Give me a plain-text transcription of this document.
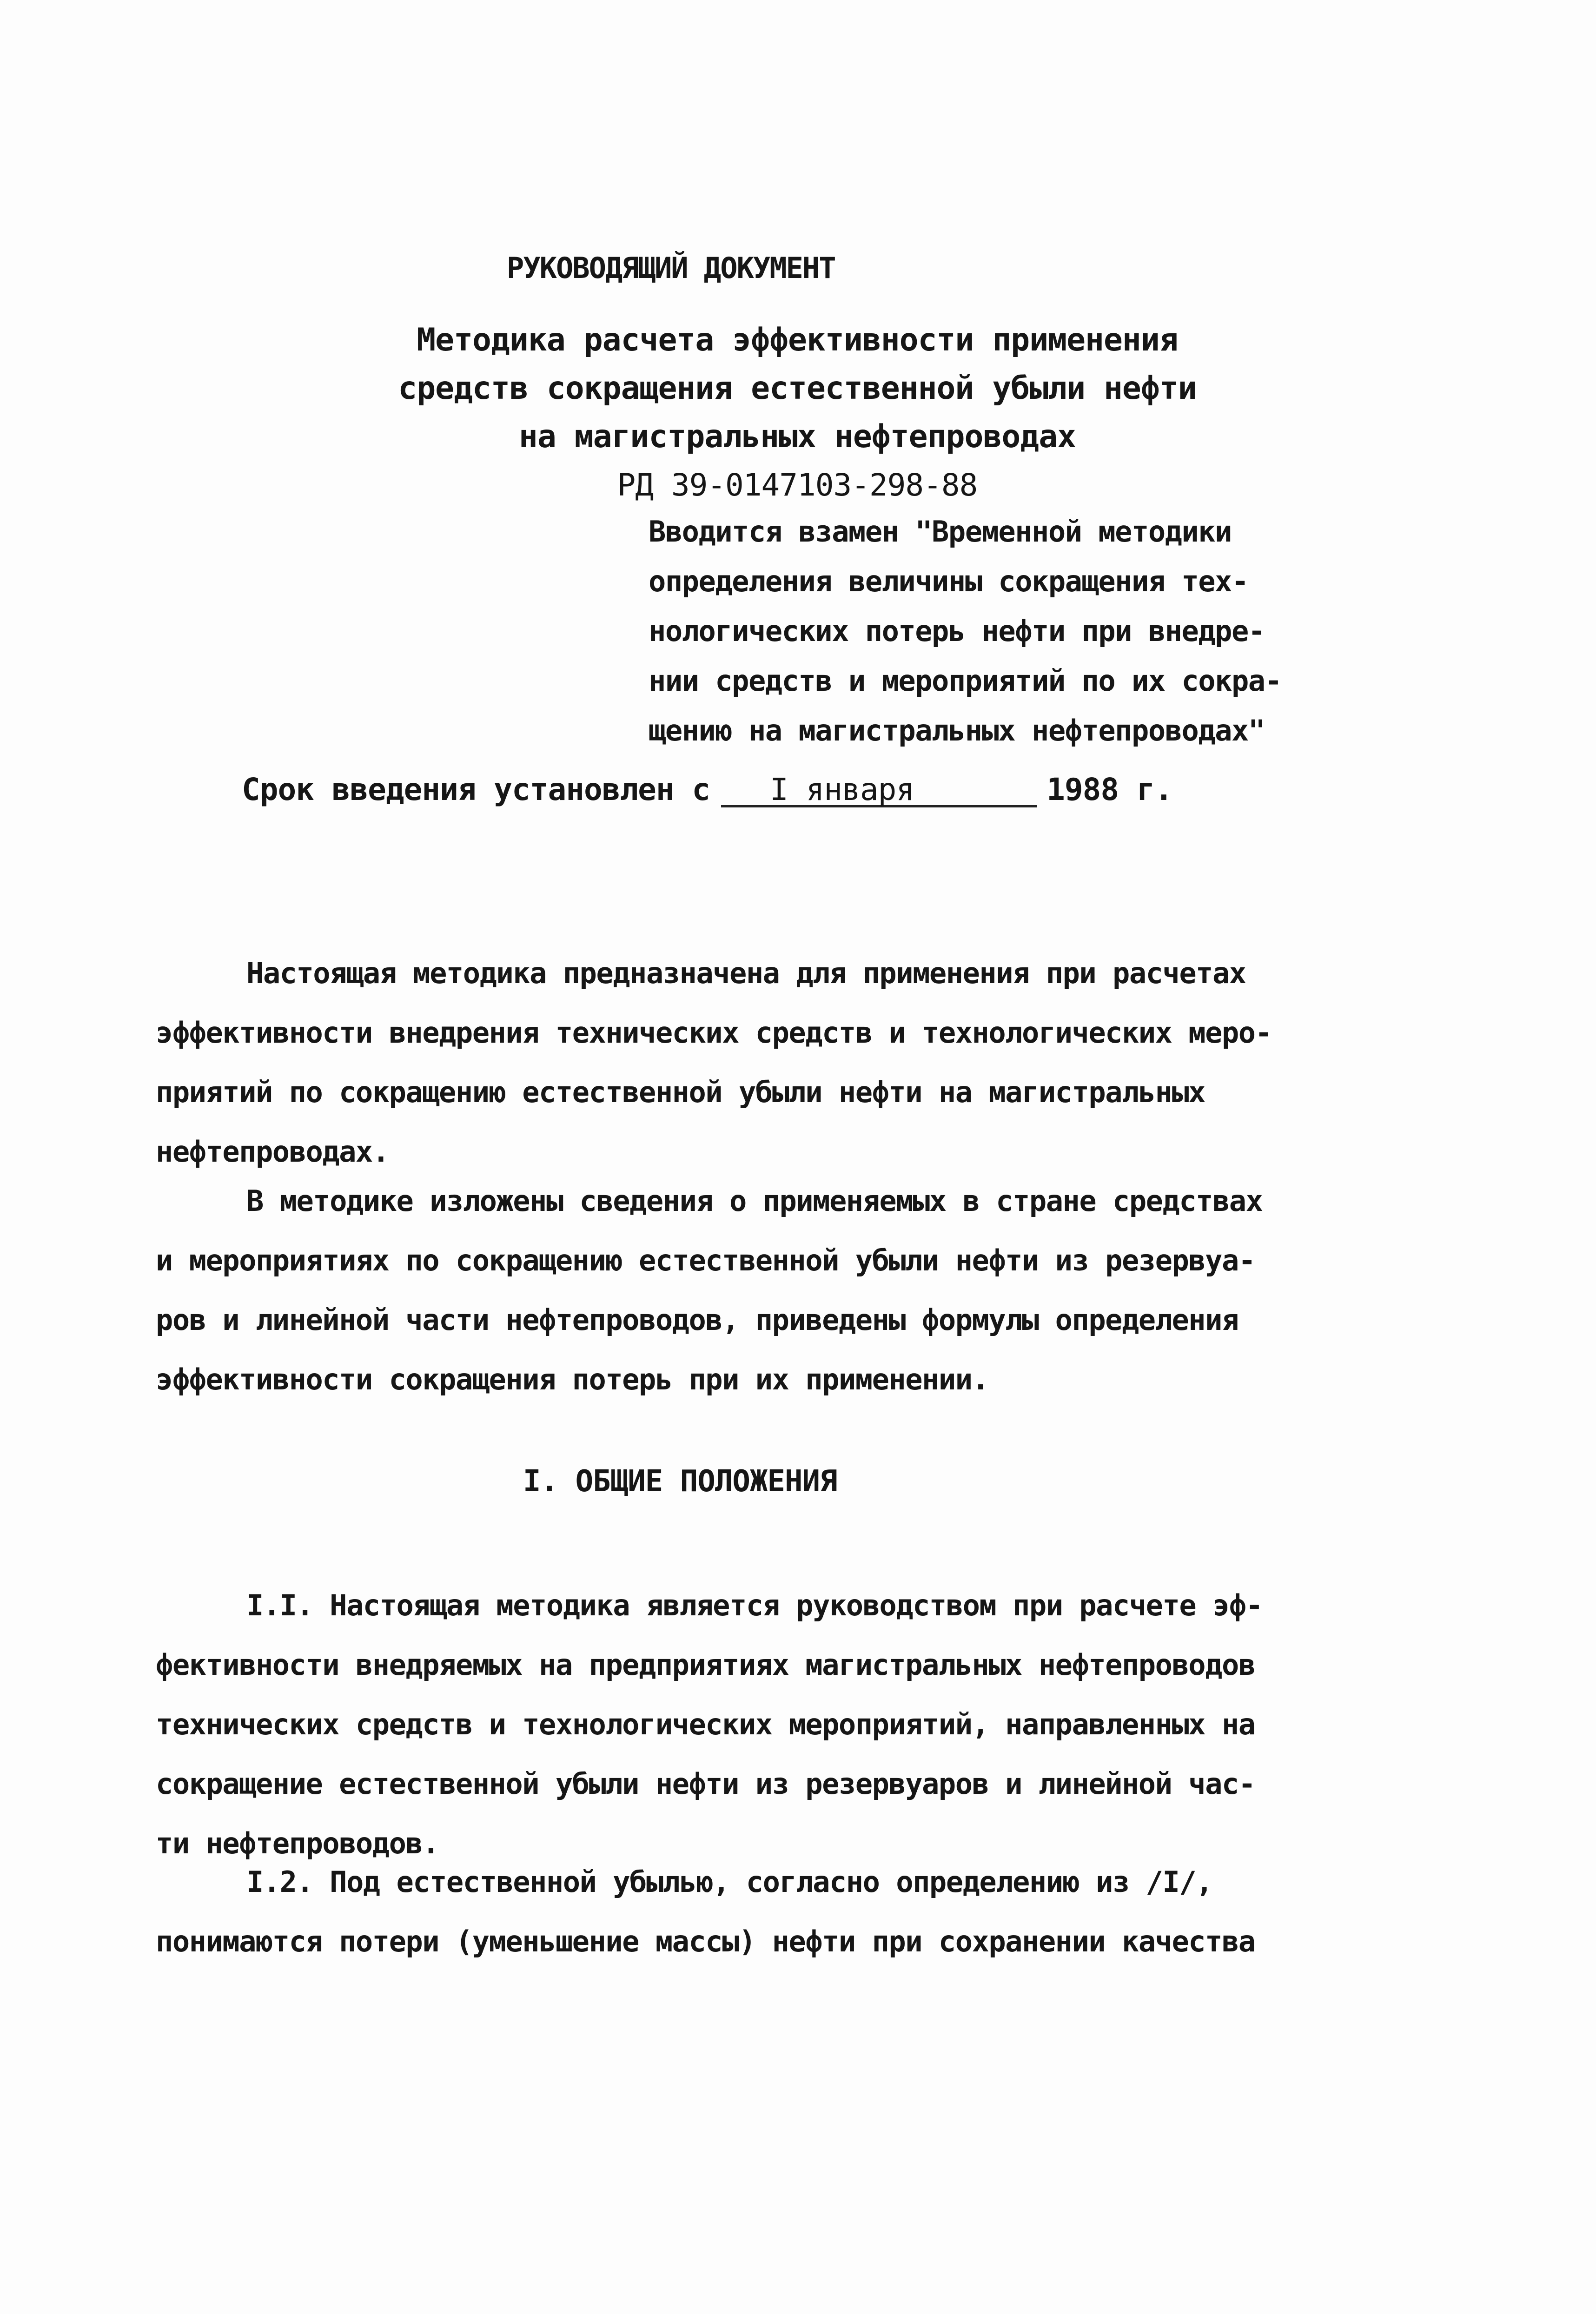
РУКОВОДЯЩИЙ ДОКУМЕНТ
Методика расчета эффективности применения
средств сокращения естественной убыли нефти
на магистральных нефтепроводах
РД 39-0147103-298-88
Вводится взамен "Временной методики
определения величины сокращения тех-
нологических потерь нефти при внедре-
нии средств и мероприятий по их сокра-
щению на магистральных нефтепроводах"
Срок введения установлен с I января	1988 г.
Настоящая методика предназначена для применения при расчетах
эффективности внедрения технических средств и технологических меро-
приятий по сокращению естественной убыли нефти на магистральных
нефтепроводах.
В методике изложены сведения о применяемых в стране средствах
и мероприятиях по сокращению естественной убыли нефти из резервуа-
ров и линейной части нефтепроводов, приведены формулы определения
эффективности сокращения потерь при их применении.
I. ОБЩИЕ ПОЛОЖЕНИЯ
I.I. Настоящая методика является руководством при расчете эф-
фективности внедряемых на предприятиях магистральных нефтепроводов
технических средств и технологических мероприятий, направленных на
сокращение естественной убыли нефти из резервуаров и линейной час-
ти нефтепроводов.
I.2. Под естественной убылью, согласно определению из /I/,
понимаются потери (уменьшение массы) нефти при сохранении качества
